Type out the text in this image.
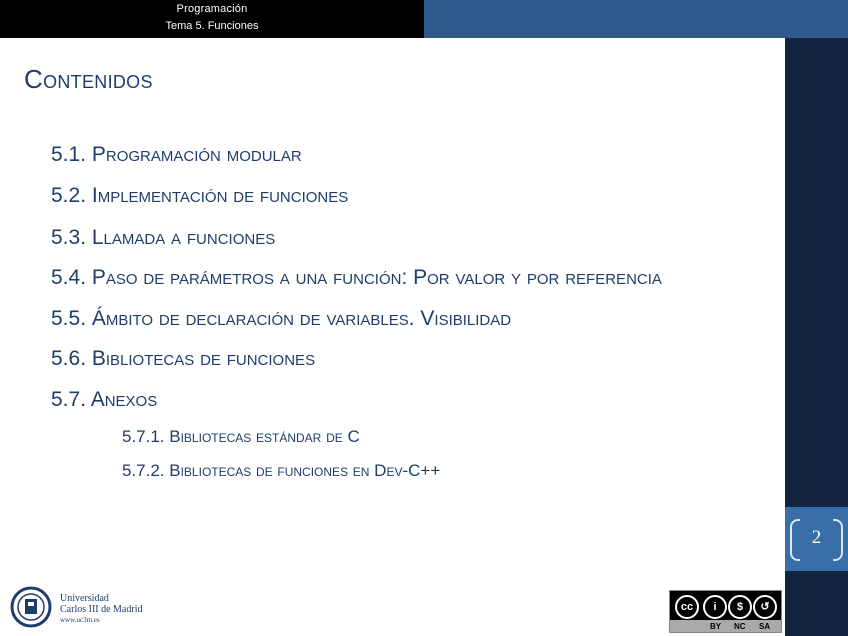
Programación
Tema 5. Funciones
2
Contenidos
5.1. Programación modular
5.2. Implementación de funciones
5.3. Llamada a funciones
5.4. Paso de parámetros a una función: Por valor y por referencia
5.5. Ámbito de declaración de variables. Visibilidad
5.6. Bibliotecas de funciones
5.7. Anexos
5.7.1. Bibliotecas estándar de C
5.7.2. Bibliotecas de funciones en Dev-C++
Universidad
Carlos III de Madrid
www.uc3m.es
cc	i	$	↺
BY NC SA
